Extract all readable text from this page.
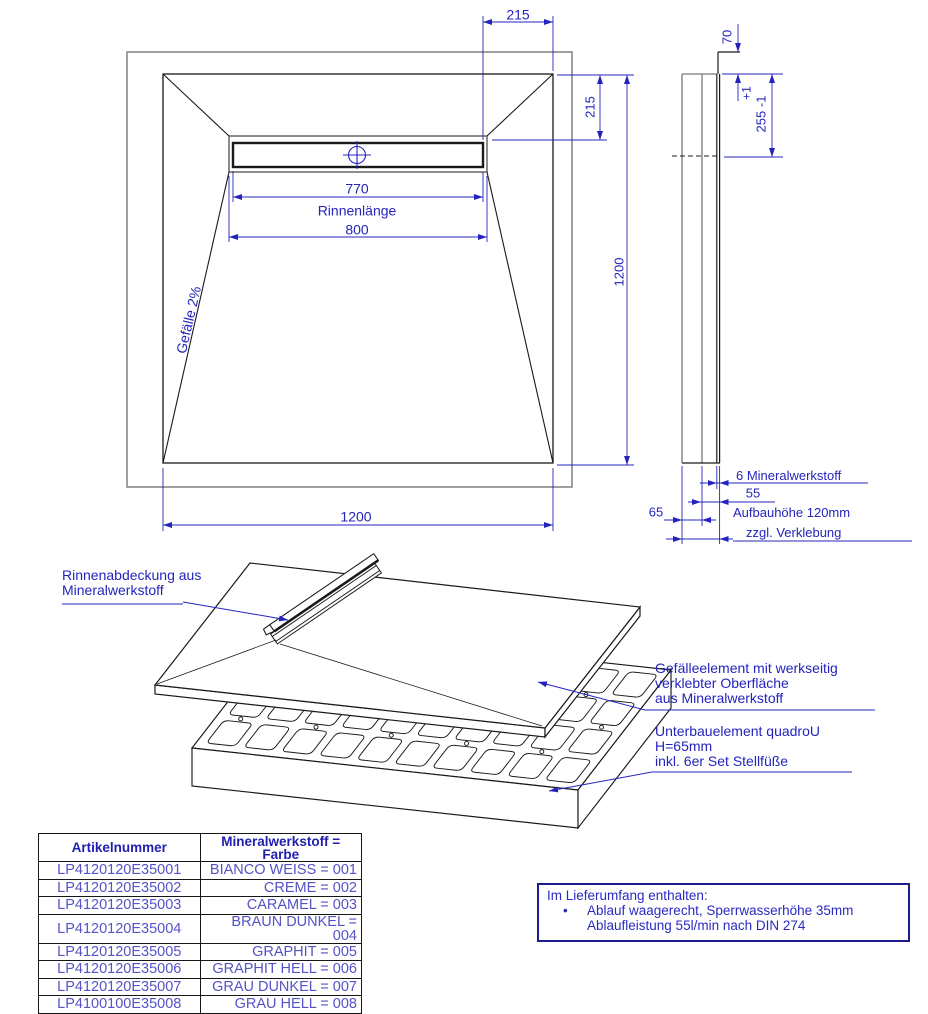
215
215
1200
770
Rinnenlänge
800
1200
Gefälle 2%
70
+1
255 -1
6 Mineralwerkstoff
55
65	Aufbauhöhe 120mm
zzgl. Verklebung
Rinnenabdeckung aus
Mineralwerkstoff
Gefälleelement mit werkseitig
verklebter Oberfläche
aus Mineralwerkstoff
Unterbauelement quadroU
H=65mm
inkl. 6er Set Stellfüße
Artikelnummer	Mineralwerkstoff =
Farbe

LP4120120E35001	BIANCO WEISS = 001
LP4120120E35002	CREME = 002
LP4120120E35003	CARAMEL = 003
LP4120120E35004	BRAUN DUNKEL = 004
LP4120120E35005	GRAPHIT = 005
LP4120120E35006	GRAPHIT HELL = 006
LP4120120E35007	GRAU DUNKEL = 007
LP4100100E35008	GRAU HELL = 008
Im Lieferumfang enthalten:
•	Ablauf waagerecht, Sperrwasserhöhe 35mm
Ablaufleistung 55l/min nach DIN 274
